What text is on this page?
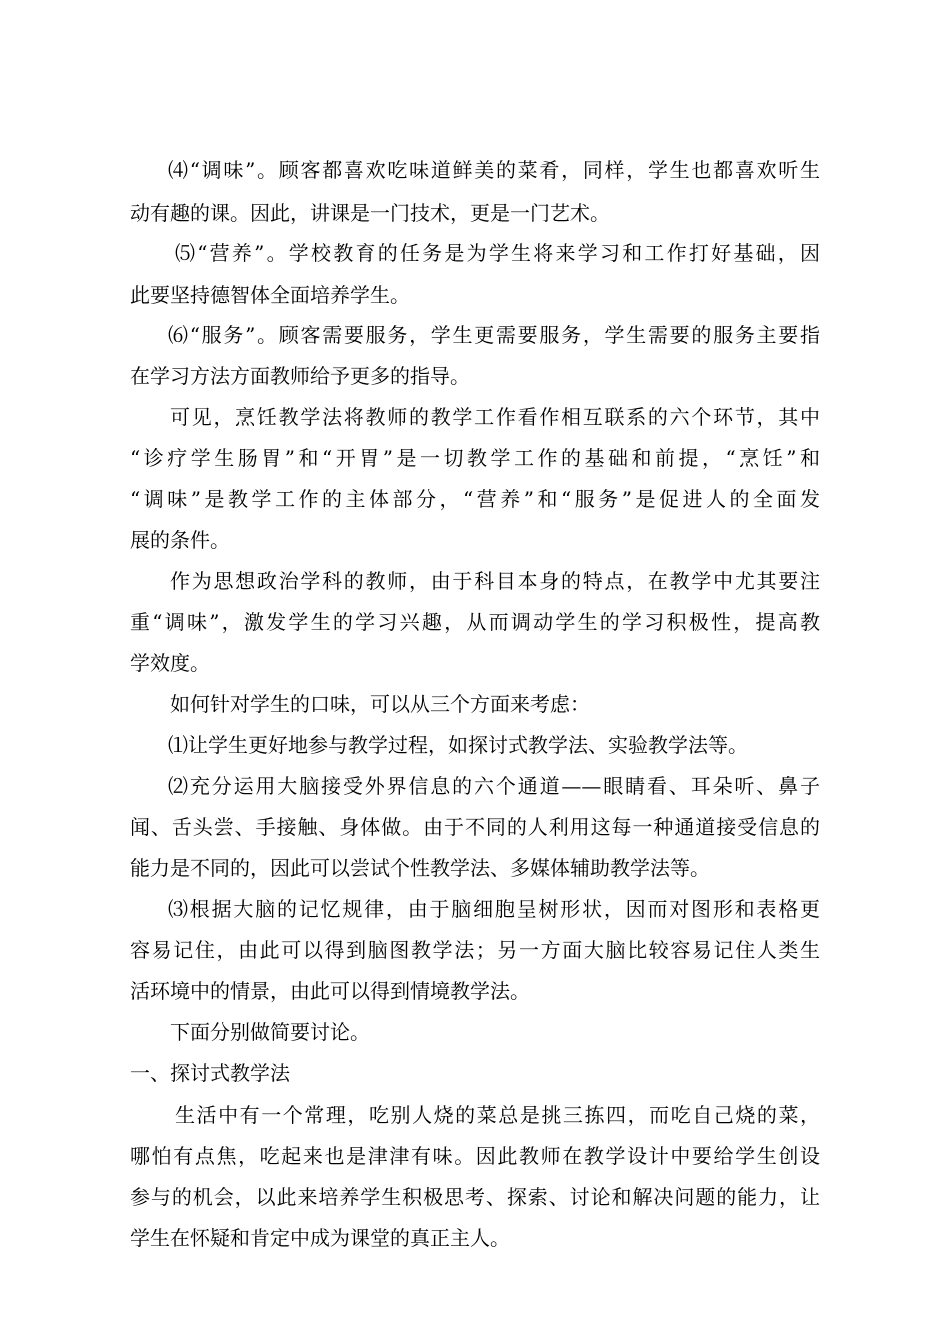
⑷“调味”。顾客都喜欢吃味道鲜美的菜肴，同样，学生也都喜欢听生
动有趣的课。因此，讲课是一门技术，更是一门艺术。
⑸“营养”。学校教育的任务是为学生将来学习和工作打好基础，因
此要坚持德智体全面培养学生。
⑹“服务”。顾客需要服务，学生更需要服务，学生需要的服务主要指
在学习方法方面教师给予更多的指导。
可见，烹饪教学法将教师的教学工作看作相互联系的六个环节，其中
“诊疗学生肠胃”和“开胃”是一切教学工作的基础和前提，“烹饪”和
“调味”是教学工作的主体部分，“营养”和“服务”是促进人的全面发
展的条件。
作为思想政治学科的教师，由于科目本身的特点，在教学中尤其要注
重“调味”，激发学生的学习兴趣，从而调动学生的学习积极性，提高教
学效度。
如何针对学生的口味，可以从三个方面来考虑：
⑴让学生更好地参与教学过程，如探讨式教学法、实验教学法等。
⑵充分运用大脑接受外界信息的六个通道——眼睛看、耳朵听、鼻子
闻、舌头尝、手接触、身体做。由于不同的人利用这每一种通道接受信息的
能力是不同的，因此可以尝试个性教学法、多媒体辅助教学法等。
⑶根据大脑的记忆规律，由于脑细胞呈树形状，因而对图形和表格更
容易记住，由此可以得到脑图教学法；另一方面大脑比较容易记住人类生
活环境中的情景，由此可以得到情境教学法。
下面分别做简要讨论。
一、探讨式教学法
生活中有一个常理，吃别人烧的菜总是挑三拣四，而吃自己烧的菜，
哪怕有点焦，吃起来也是津津有味。因此教师在教学设计中要给学生创设
参与的机会，以此来培养学生积极思考、探索、讨论和解决问题的能力，让
学生在怀疑和肯定中成为课堂的真正主人。
